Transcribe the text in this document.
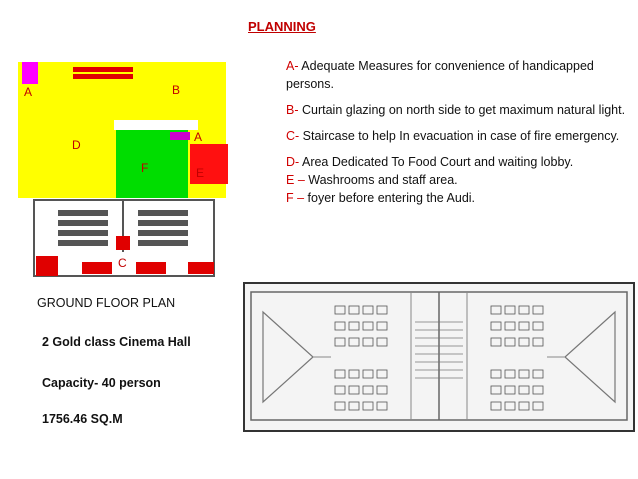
PLANNING

A- Adequate Measures for convenience of handicapped persons.

B- Curtain glazing on north side to get maximum natural light.

C- Staircase to help In evacuation in case of fire emergency.

D- Area Dedicated To Food Court and waiting lobby.

E – Washrooms and staff area.

F – foyer before entering the Audi.

A	B
A
D
F	E
C
GROUND FLOOR PLAN
2 Gold class Cinema Hall
Capacity- 40 person
1756.46 SQ.M
